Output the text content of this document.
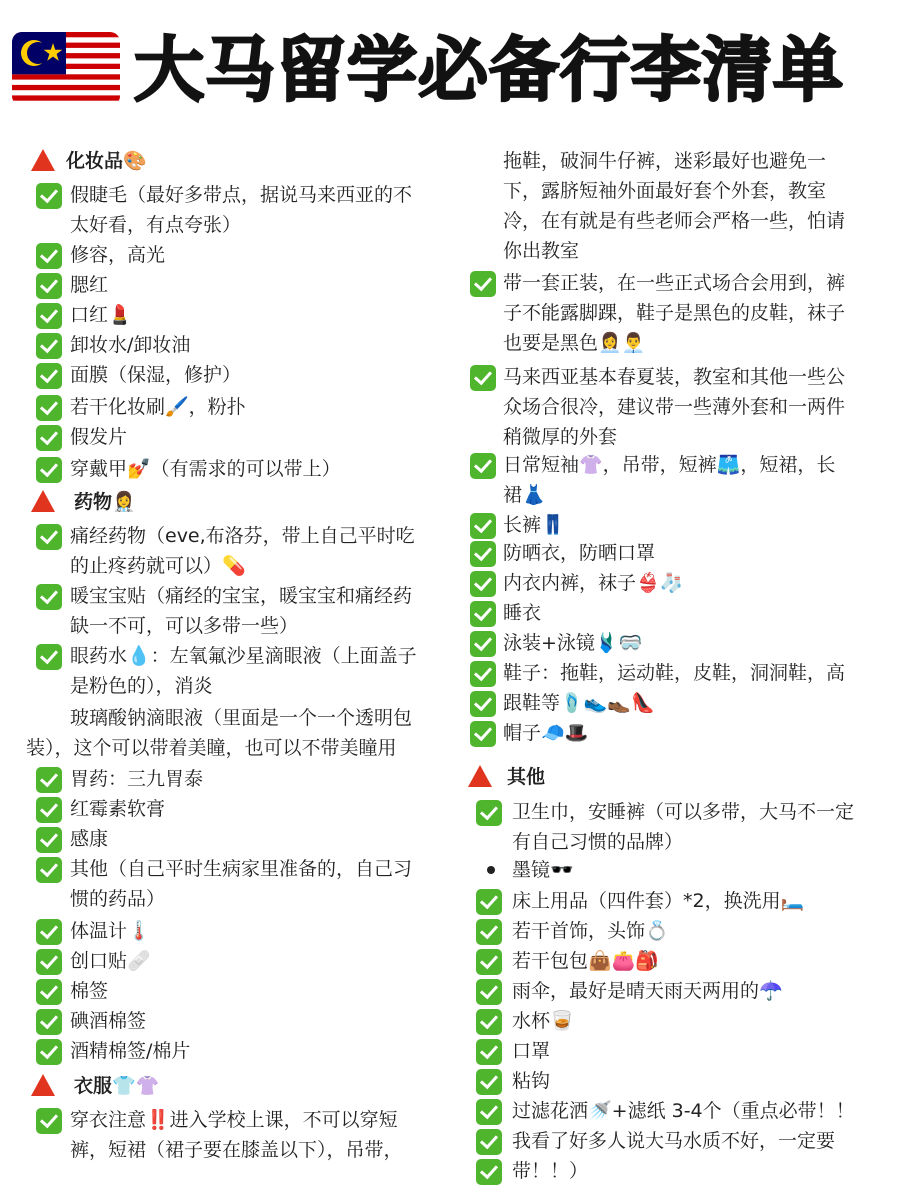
大马留学必备行李清单
化妆品🎨
假睫毛（最好多带点，据说马来西亚的不
太好看，有点夸张）
修容，高光
腮红
口红💄
卸妆水/卸妆油
面膜（保湿，修护）
若干化妆刷🖌️，粉扑
假发片
穿戴甲💅（有需求的可以带上）
药物👩‍⚕️
痛经药物（eve,布洛芬，带上自己平时吃
的止疼药就可以）💊
暖宝宝贴（痛经的宝宝，暖宝宝和痛经药
缺一不可，可以多带一些）
眼药水💧：左氧氟沙星滴眼液（上面盖子
是粉色的），消炎
玻璃酸钠滴眼液（里面是一个一个透明包
装），这个可以带着美瞳，也可以不带美瞳用
胃药：三九胃泰
红霉素软膏
感康
其他（自己平时生病家里准备的，自己习
惯的药品）
体温计🌡️
创口贴🩹
棉签
碘酒棉签
酒精棉签/棉片
衣服👕👚
穿衣注意‼️进入学校上课，不可以穿短
裤，短裙（裙子要在膝盖以下），吊带，
拖鞋，破洞牛仔裤，迷彩最好也避免一
下，露脐短袖外面最好套个外套，教室
冷，在有就是有些老师会严格一些，怕请
你出教室
带一套正装，在一些正式场合会用到，裤
子不能露脚踝，鞋子是黑色的皮鞋，袜子
也要是黑色👩‍💼👨‍💼
马来西亚基本春夏装，教室和其他一些公
众场合很冷，建议带一些薄外套和一两件
稍微厚的外套
日常短袖👚，吊带，短裤🩳，短裙，长
裙👗
长裤👖
防晒衣，防晒口罩
内衣内裤，袜子👙🧦
睡衣
泳装+泳镜🩱🥽
鞋子：拖鞋，运动鞋，皮鞋，洞洞鞋，高
跟鞋等🩴👟👞👠
帽子🧢🎩
其他
卫生巾，安睡裤（可以多带，大马不一定
有自己习惯的品牌）
墨镜🕶️
床上用品（四件套）*2，换洗用🛏️
若干首饰，头饰💍
若干包包👜👛🎒
雨伞，最好是晴天雨天两用的☂️
水杯🥃
口罩
粘钩
过滤花洒🚿+滤纸 3-4个（重点必带！！
我看了好多人说大马水质不好，一定要
带！！）
